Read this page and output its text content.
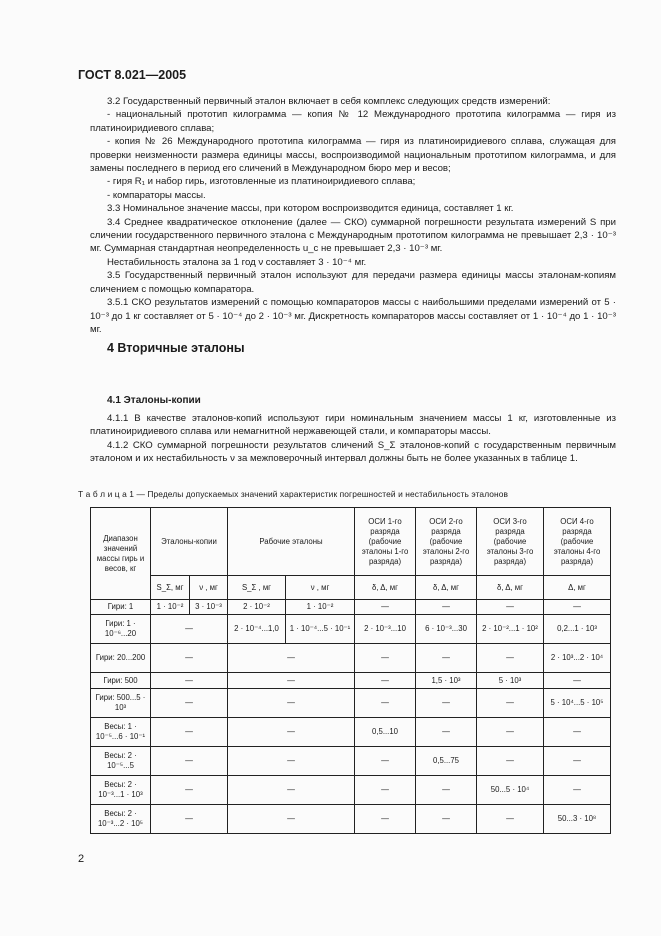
ГОСТ 8.021—2005
3.2 Государственный первичный эталон включает в себя комплекс следующих средств измерений:
- национальный прототип килограмма — копия № 12 Международного прототипа килограмма — гиря из платиноиридиевого сплава;
- копия № 26 Международного прототипа килограмма — гиря из платиноиридиевого сплава, служащая для проверки неизменности размера единицы массы, воспроизводимой национальным прототипом килограмма, и для замены последнего в период его сличений в Международном бюро мер и весов;
- гиря R₁ и набор гирь, изготовленные из платиноиридиевого сплава;
- компараторы массы.
3.3 Номинальное значение массы, при котором воспроизводится единица, составляет 1 кг.
3.4 Среднее квадратическое отклонение (далее — СКО) суммарной погрешности результата измерений S при сличении государственного первичного эталона с Международным прототипом килограмма не превышает 2,3 · 10⁻³ мг. Суммарная стандартная неопределенность u_c не превышает 2,3 · 10⁻³ мг.
Нестабильность эталона за 1 год ν составляет 3 · 10⁻⁴ мг.
3.5 Государственный первичный эталон используют для передачи размера единицы массы эталонам-копиям сличением с помощью компаратора.
3.5.1 СКО результатов измерений с помощью компараторов массы с наибольшими пределами измерений от 5 · 10⁻³ до 1 кг составляет от 5 · 10⁻⁴ до 2 · 10⁻³ мг. Дискретность компараторов массы составляет от 1 · 10⁻⁴ до 1 · 10⁻³ мг.
4 Вторичные эталоны
4.1 Эталоны-копии
4.1.1 В качестве эталонов-копий используют гири номинальным значением массы 1 кг, изготовленные из платиноиридиевого сплава или немагнитной нержавеющей стали, и компараторы массы.
4.1.2 СКО суммарной погрешности результатов сличений S_Σ эталонов-копий с государственным первичным эталоном и их нестабильность ν за межповерочный интервал должны быть не более указанных в таблице 1.
Т а б л и ц а 1 — Пределы допускаемых значений характеристик погрешностей и нестабильность эталонов
Диапазон значений массы гирь и весов, кг	Эталоны-копии		Рабочие эталоны		ОСИ 1-го разряда (рабочие эталоны 1-го разряда)	ОСИ 2-го разряда (рабочие эталоны 2-го разряда)	ОСИ 3-го разряда (рабочие эталоны 3-го разряда)	ОСИ 4-го разряда (рабочие эталоны 4-го разряда)
	S_Σ, мг	ν , мг	S_Σ , мг	ν , мг	δ, Δ, мг	δ, Δ, мг	δ, Δ, мг	Δ, мг
Гири: 1	1 · 10⁻²	3 · 10⁻³	2 · 10⁻²	1 · 10⁻²	—	—	—	—
Гири: 1 · 10⁻⁶...20	—		2 · 10⁻⁴...1,0	1 · 10⁻⁴...5 · 10⁻¹	2 · 10⁻³...10	6 · 10⁻³...30	2 · 10⁻²...1 · 10²	0,2...1 · 10³
Гири: 20...200	—		—		—	—	—	2 · 10³...2 · 10⁴
Гири: 500	—		—		—	1,5 · 10³	5 · 10³	—
Гири: 500...5 · 10³	—		—		—	—	—	5 · 10⁴...5 · 10⁵
Весы: 1 · 10⁻⁵...6 · 10⁻¹	—		—		0,5...10	—	—	—
Весы: 2 · 10⁻⁵...5	—		—		—	0,5...75	—	—
Весы: 2 · 10⁻³...1 · 10³	—		—		—	—	50...5 · 10⁴	—
Весы: 2 · 10⁻³...2 · 10⁵	—		—		—	—	—	50...3 · 10⁸
2
